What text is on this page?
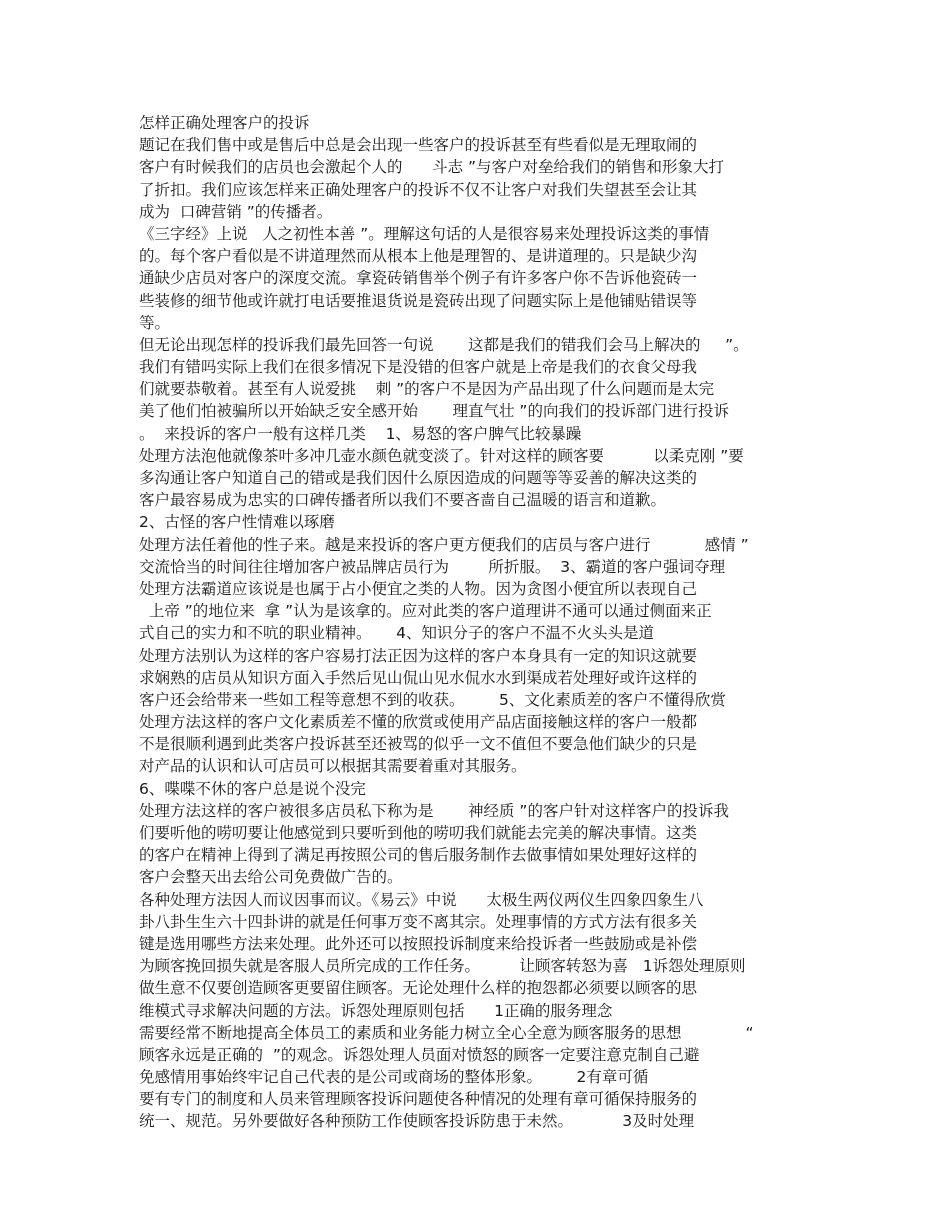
怎样正确处理客户的投诉
题记在我们售中或是售后中总是会出现一些客户的投诉甚至有些看似是无理取闹的
客户有时候我们的店员也会激起个人的      斗志 ”与客户对垒给我们的销售和形象大打
了折扣。我们应该怎样来正确处理客户的投诉不仅不让客户对我们失望甚至会让其
成为  口碑营销 ”的传播者。
《三字经》上说   人之初性本善 ”。理解这句话的人是很容易来处理投诉这类的事情
的。每个客户看似是不讲道理然而从根本上他是理智的、是讲道理的。只是缺少沟
通缺少店员对客户的深度交流。拿瓷砖销售举个例子有许多客户你不告诉他瓷砖一
些装修的细节他或许就打电话要推退货说是瓷砖出现了问题实际上是他铺贴错误等
等。
但无论出现怎样的投诉我们最先回答一句说       这都是我们的错我们会马上解决的     ”。
我们有错吗实际上我们在很多情况下是没错的但客户就是上帝是我们的衣食父母我
们就要恭敬着。甚至有人说爱挑    刺 ”的客户不是因为产品出现了什么问题而是太完
美了他们怕被骗所以开始缺乏安全感开始       理直气壮 ”的向我们的投诉部门进行投诉
。  来投诉的客户一般有这样几类    1、易怒的客户脾气比较暴躁
处理方法泡他就像茶叶多冲几壶水颜色就变淡了。针对这样的顾客要          以柔克刚 ”要
多沟通让客户知道自己的错或是我们因什么原因造成的问题等等妥善的解决这类的
客户最容易成为忠实的口碑传播者所以我们不要吝啬自己温暖的语言和道歉。
2、古怪的客户性情难以琢磨
处理方法任着他的性子来。越是来投诉的客户更方便我们的店员与客户进行           感情 ”
交流恰当的时间往往增加客户被品牌店员行为        所折服。  3、霸道的客户强词夺理
处理方法霸道应该说是也属于占小便宜之类的人物。因为贪图小便宜所以表现自己
上帝 ”的地位来  拿 ”认为是该拿的。应对此类的客户道理讲不通可以通过侧面来正
式自己的实力和不吭的职业精神。     4、知识分子的客户不温不火头头是道
处理方法别认为这样的客户容易打法正因为这样的客户本身具有一定的知识这就要
求娴熟的店员从知识方面入手然后见山侃山见水侃水水到渠成若处理好或许这样的
客户还会给带来一些如工程等意想不到的收获。       5、文化素质差的客户不懂得欣赏
处理方法这样的客户文化素质差不懂的欣赏或使用产品店面接触这样的客户一般都
不是很顺利遇到此类客户投诉甚至还被骂的似乎一文不值但不要急他们缺少的只是
对产品的认识和认可店员可以根据其需要着重对其服务。
6、喋喋不休的客户总是说个没完
处理方法这样的客户被很多店员私下称为是       神经质 ”的客户针对这样客户的投诉我
们要听他的唠叨要让他感觉到只要听到他的唠叨我们就能去完美的解决事情。这类
的客户在精神上得到了满足再按照公司的售后服务制作去做事情如果处理好这样的
客户会整天出去给公司免费做广告的。
各种处理方法因人而议因事而议。《易云》中说      太极生两仪两仪生四象四象生八
卦八卦生生六十四卦讲的就是任何事万变不离其宗。处理事情的方式方法有很多关
键是选用哪些方法来处理。此外还可以按照投诉制度来给投诉者一些鼓励或是补偿
为顾客挽回损失就是客服人员所完成的工作任务。        让顾客转怒为喜   1诉怨处理原则
做生意不仅要创造顾客更要留住顾客。无论处理什么样的抱怨都必须要以顾客的思
维模式寻求解决问题的方法。诉怨处理原则包括      1正确的服务理念
需要经常不断地提高全体员工的素质和业务能力树立全心全意为顾客服务的思想             “
顾客永远是正确的  ”的观念。诉怨处理人员面对愤怒的顾客一定要注意克制自己避
免感情用事始终牢记自己代表的是公司或商场的整体形象。       2有章可循
要有专门的制度和人员来管理顾客投诉问题使各种情况的处理有章可循保持服务的
统一、规范。另外要做好各种预防工作使顾客投诉防患于未然。          3及时处理
